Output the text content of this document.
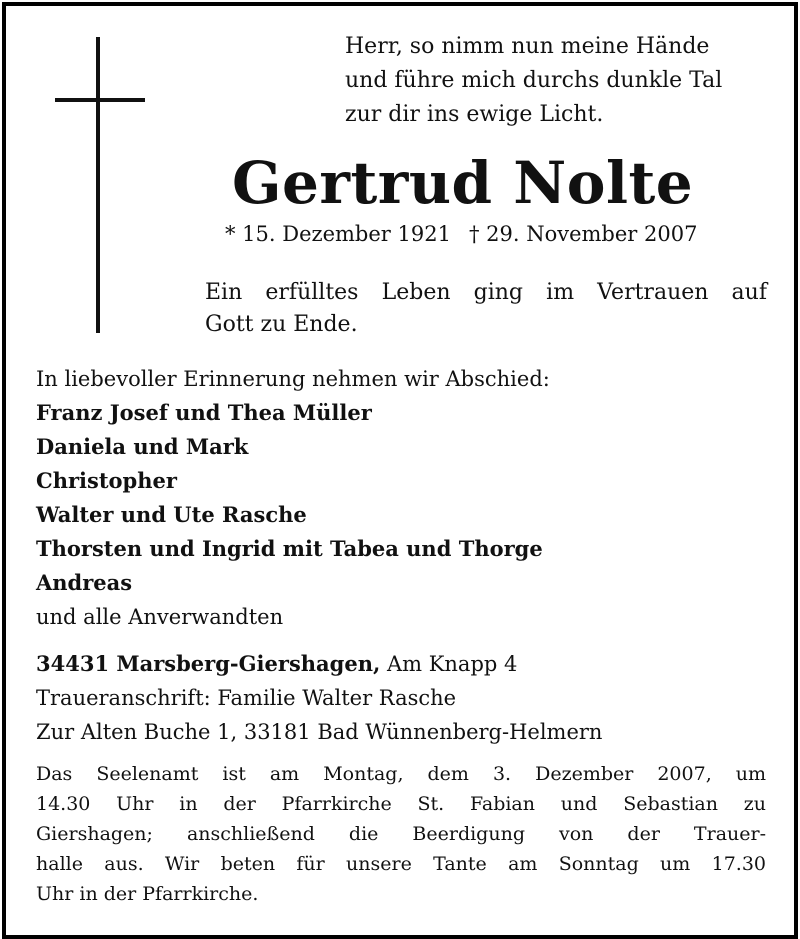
Herr, so nimm nun meine Hände
und führe mich durchs dunkle Tal
zur dir ins ewige Licht.
Gertrud Nolte
* 15. Dezember 1921 † 29. November 2007
Ein erfülltes Leben ging im Vertrauen auf
Gott zu Ende.
In liebevoller Erinnerung nehmen wir Abschied:
Franz Josef und Thea Müller
Daniela und Mark
Christopher
Walter und Ute Rasche
Thorsten und Ingrid mit Tabea und Thorge
Andreas
und alle Anverwandten
34431 Marsberg-Giershagen, Am Knapp 4
Traueranschrift: Familie Walter Rasche
Zur Alten Buche 1, 33181 Bad Wünnenberg-Helmern
Das Seelenamt ist am Montag, dem 3. Dezember 2007, um
14.30 Uhr in der Pfarrkirche St. Fabian und Sebastian zu
Giershagen; anschließend die Beerdigung von der Trauer-
halle aus. Wir beten für unsere Tante am Sonntag um 17.30
Uhr in der Pfarrkirche.
